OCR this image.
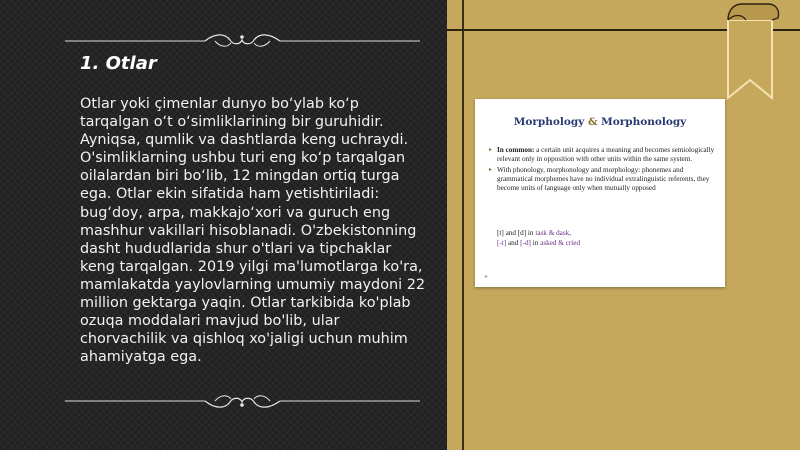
1. Otlar

Otlar yoki çimenlar dunyo bo‘ylab ko‘p tarqalgan o‘t o‘simliklarining bir guruhidir. Ayniqsa, qumlik va dashtlarda keng uchraydi. O'simliklarning ushbu turi eng ko‘p tarqalgan oilalardan biri bo‘lib, 12 mingdan ortiq turga ega. Otlar ekin sifatida ham yetishtiriladi: bug‘doy, arpa, makkajo‘xori va guruch eng mashhur vakillari hisoblanadi. O'zbekistonning dasht hududlarida shur o'tlari va tipchaklar keng tarqalgan. 2019 yilgi ma'lumotlarga ko'ra, mamlakatda yaylovlarning umumiy maydoni 22 million gektarga yaqin. Otlar tarkibida ko'plab ozuqa moddalari mavjud bo'lib, ular chorvachilik va qishloq xo'jaligi uchun muhim ahamiyatga ega.

Morphology & Morphonology
▸ In common: a certain unit acquires a meaning and becomes semiologically relevant only in opposition with other units within the same system.
▸ With phonology, morphonology and morphology: phonemes and grammatical morphemes have no individual extralinguistic referents, they become units of language only when mutually opposed
[t] and [d] in task & dask,
[-t] and [-d] in asked & cried
▸
